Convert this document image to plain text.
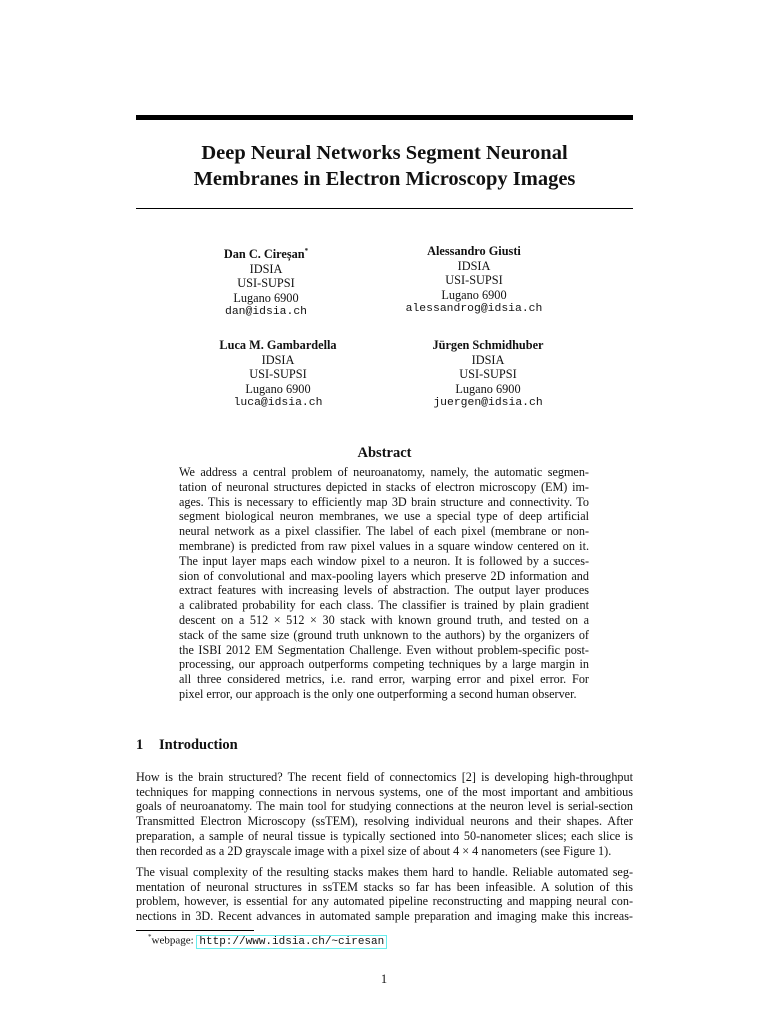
Deep Neural Networks Segment Neuronal
Membranes in Electron Microscopy Images
Dan C. Cireșan*
IDSIA
USI-SUPSI
Lugano 6900
dan@idsia.ch
Alessandro Giusti
IDSIA
USI-SUPSI
Lugano 6900
alessandrog@idsia.ch
Luca M. Gambardella
IDSIA
USI-SUPSI
Lugano 6900
luca@idsia.ch
Jürgen Schmidhuber
IDSIA
USI-SUPSI
Lugano 6900
juergen@idsia.ch
Abstract
We address a central problem of neuroanatomy, namely, the automatic segmen-
tation of neuronal structures depicted in stacks of electron microscopy (EM) im-
ages. This is necessary to efficiently map 3D brain structure and connectivity. To
segment biological neuron membranes, we use a special type of deep artificial
neural network as a pixel classifier. The label of each pixel (membrane or non-
membrane) is predicted from raw pixel values in a square window centered on it.
The input layer maps each window pixel to a neuron. It is followed by a succes-
sion of convolutional and max-pooling layers which preserve 2D information and
extract features with increasing levels of abstraction. The output layer produces
a calibrated probability for each class. The classifier is trained by plain gradient
descent on a 512 × 512 × 30 stack with known ground truth, and tested on a
stack of the same size (ground truth unknown to the authors) by the organizers of
the ISBI 2012 EM Segmentation Challenge. Even without problem-specific post-
processing, our approach outperforms competing techniques by a large margin in
all three considered metrics, i.e. rand error, warping error and pixel error. For
pixel error, our approach is the only one outperforming a second human observer.
1 Introduction
How is the brain structured? The recent field of connectomics [2] is developing high-throughput
techniques for mapping connections in nervous systems, one of the most important and ambitious
goals of neuroanatomy. The main tool for studying connections at the neuron level is serial-section
Transmitted Electron Microscopy (ssTEM), resolving individual neurons and their shapes. After
preparation, a sample of neural tissue is typically sectioned into 50-nanometer slices; each slice is
then recorded as a 2D grayscale image with a pixel size of about 4 × 4 nanometers (see Figure 1).
The visual complexity of the resulting stacks makes them hard to handle. Reliable automated seg-
mentation of neuronal structures in ssTEM stacks so far has been infeasible. A solution of this
problem, however, is essential for any automated pipeline reconstructing and mapping neural con-
nections in 3D. Recent advances in automated sample preparation and imaging make this increas-
*webpage: http://www.idsia.ch/~ciresan
1
